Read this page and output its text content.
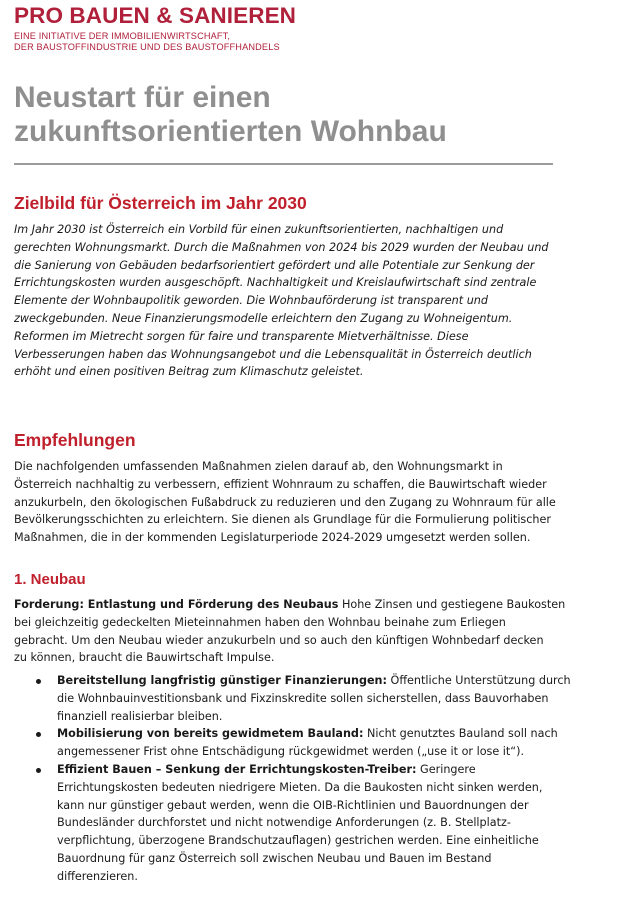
PRO BAUEN & SANIEREN
EINE INITIATIVE DER IMMOBILIENWIRTSCHAFT,
DER BAUSTOFFINDUSTRIE UND DES BAUSTOFFHANDELS
Neustart für einen
zukunftsorientierten Wohnbau
Zielbild für Österreich im Jahr 2030
Im Jahr 2030 ist Österreich ein Vorbild für einen zukunftsorientierten, nachhaltigen und
gerechten Wohnungsmarkt. Durch die Maßnahmen von 2024 bis 2029 wurden der Neubau und
die Sanierung von Gebäuden bedarfsorientiert gefördert und alle Potentiale zur Senkung der
Errichtungskosten wurden ausgeschöpft. Nachhaltigkeit und Kreislaufwirtschaft sind zentrale
Elemente der Wohnbaupolitik geworden. Die Wohnbauförderung ist transparent und
zweckgebunden. Neue Finanzierungsmodelle erleichtern den Zugang zu Wohneigentum.
Reformen im Mietrecht sorgen für faire und transparente Mietverhältnisse. Diese
Verbesserungen haben das Wohnungsangebot und die Lebensqualität in Österreich deutlich
erhöht und einen positiven Beitrag zum Klimaschutz geleistet.
Empfehlungen
Die nachfolgenden umfassenden Maßnahmen zielen darauf ab, den Wohnungsmarkt in
Österreich nachhaltig zu verbessern, effizient Wohnraum zu schaffen, die Bauwirtschaft wieder
anzukurbeln, den ökologischen Fußabdruck zu reduzieren und den Zugang zu Wohnraum für alle
Bevölkerungsschichten zu erleichtern. Sie dienen als Grundlage für die Formulierung politischer
Maßnahmen, die in der kommenden Legislaturperiode 2024-2029 umgesetzt werden sollen.
1. Neubau
Forderung: Entlastung und Förderung des Neubaus Hohe Zinsen und gestiegene Baukosten
bei gleichzeitig gedeckelten Mieteinnahmen haben den Wohnbau beinahe zum Erliegen
gebracht. Um den Neubau wieder anzukurbeln und so auch den künftigen Wohnbedarf decken
zu können, braucht die Bauwirtschaft Impulse.
Bereitstellung langfristig günstiger Finanzierungen: Öffentliche Unterstützung durch
die Wohnbauinvestitionsbank und Fixzinskredite sollen sicherstellen, dass Bauvorhaben
finanziell realisierbar bleiben.
Mobilisierung von bereits gewidmetem Bauland: Nicht genutztes Bauland soll nach
angemessener Frist ohne Entschädigung rückgewidmet werden („use it or lose it“).
Effizient Bauen – Senkung der Errichtungskosten-Treiber: Geringere
Errichtungskosten bedeuten niedrigere Mieten. Da die Baukosten nicht sinken werden,
kann nur günstiger gebaut werden, wenn die OIB-Richtlinien und Bauordnungen der
Bundesländer durchforstet und nicht notwendige Anforderungen (z. B. Stellplatz-
verpflichtung, überzogene Brandschutzauflagen) gestrichen werden. Eine einheitliche
Bauordnung für ganz Österreich soll zwischen Neubau und Bauen im Bestand
differenzieren.
